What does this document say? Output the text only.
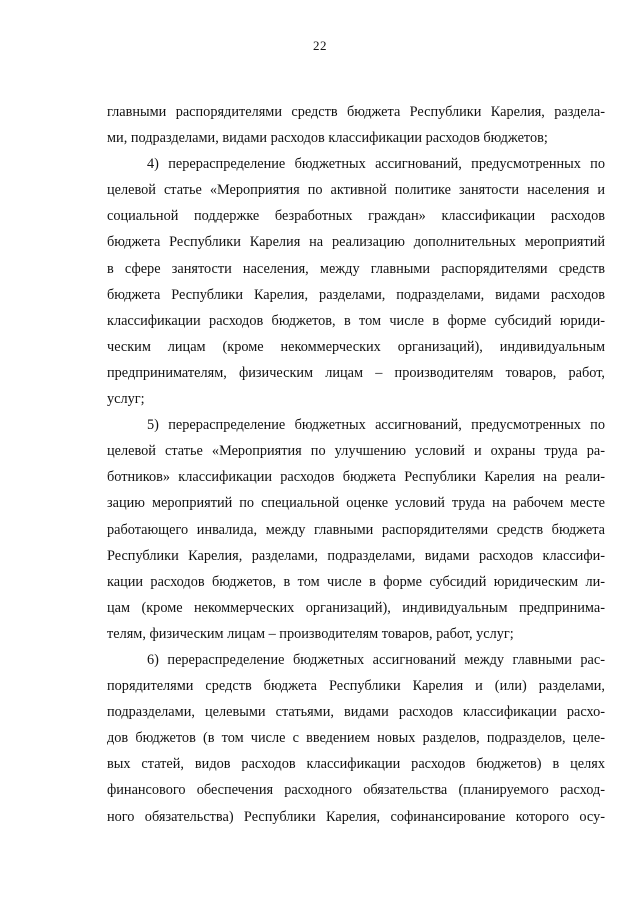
22
главными распорядителями средств бюджета Республики Карелия, раздела-
ми, подразделами, видами расходов классификации расходов бюджетов;
4) перераспределение бюджетных ассигнований, предусмотренных по
целевой статье «Мероприятия по активной политике занятости населения и
социальной поддержке безработных граждан» классификации расходов
бюджета Республики Карелия на реализацию дополнительных мероприятий
в сфере занятости населения, между главными распорядителями средств
бюджета Республики Карелия, разделами, подразделами, видами расходов
классификации расходов бюджетов, в том числе в форме субсидий юриди-
ческим лицам (кроме некоммерческих организаций), индивидуальным
предпринимателям, физическим лицам – производителям товаров, работ,
услуг;
5) перераспределение бюджетных ассигнований, предусмотренных по
целевой статье «Мероприятия по улучшению условий и охраны труда ра-
ботников» классификации расходов бюджета Республики Карелия на реали-
зацию мероприятий по специальной оценке условий труда на рабочем месте
работающего инвалида, между главными распорядителями средств бюджета
Республики Карелия, разделами, подразделами, видами расходов классифи-
кации расходов бюджетов, в том числе в форме субсидий юридическим ли-
цам (кроме некоммерческих организаций), индивидуальным предпринима-
телям, физическим лицам – производителям товаров, работ, услуг;
6) перераспределение бюджетных ассигнований между главными рас-
порядителями средств бюджета Республики Карелия и (или) разделами,
подразделами, целевыми статьями, видами расходов классификации расхо-
дов бюджетов (в том числе с введением новых разделов, подразделов, целе-
вых статей, видов расходов классификации расходов бюджетов) в целях
финансового обеспечения расходного обязательства (планируемого расход-
ного обязательства) Республики Карелия, софинансирование которого осу-
